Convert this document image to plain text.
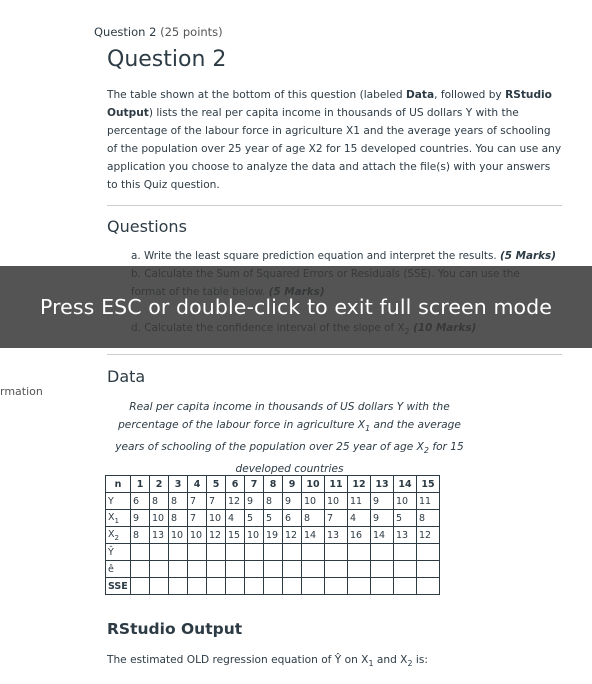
rmation
Question 2 (25 points)
Question 2
The table shown at the bottom of this question (labeled Data, followed by RStudio Output) lists the real per capita income in thousands of US dollars Y with the percentage of the labour force in agriculture X1 and the average years of schooling of the population over 25 year of age X2 for 15 developed countries. You can use any application you choose to analyze the data and attach the file(s) with your answers to this Quiz question.
Questions
a. Write the least square prediction equation and interpret the results. (5 Marks)
Data
Real per capita income in thousands of US dollars Y with the
percentage of the labour force in agriculture $X_1$ and the average
years of schooling of the population over 25 year of age $X_2$ for 15
developed countries
n	1	2	3	4	5	6	7	8	9	10	11	12	13	14	15
Y	6	8	8	7	7	12	9	8	9	10	10	11	9	10	11
$X_1$	9	10	8	7	10	4	5	5	6	8	7	4	9	5	8
$X_2$	8	13	10	10	12	15	10	19	12	14	13	16	14	13	12
Ŷ															
ê															
SSE															
RStudio Output
The estimated OLD regression equation of Ŷ on $X_1$ and $X_2$ is:
Press ESC or double-click to exit full screen mode
